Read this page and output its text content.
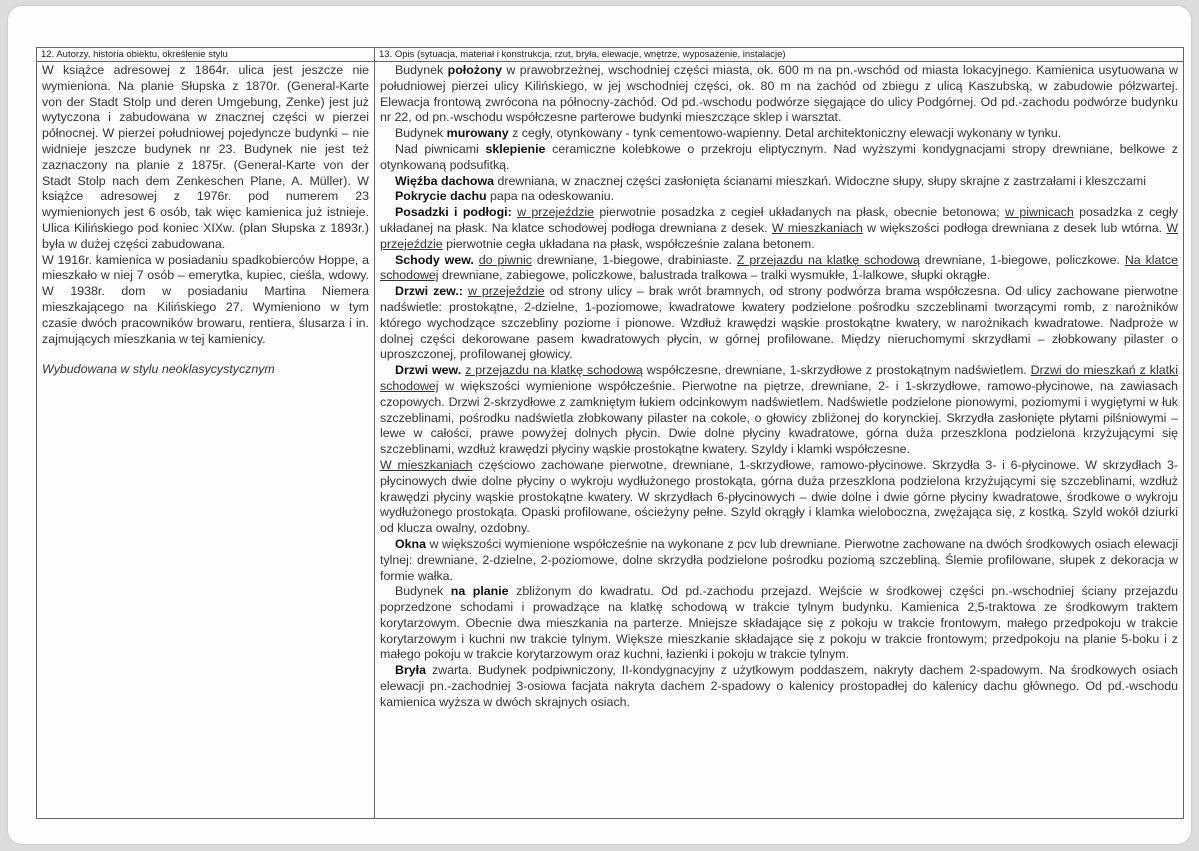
12. Autorzy, historia obiektu, określenie stylu

W książce adresowej z 1864r. ulica jest jeszcze nie wymieniona. Na planie Słupska z 1870r. (General-Karte von der Stadt Stolp und deren Umgebung, Zenke) jest już wytyczona i zabudowana w znacznej części w pierzei północnej. W pierzei południowej pojedyncze budynki – nie widnieje jeszcze budynek nr 23. Budynek nie jest też zaznaczony na planie z 1875r. (General-Karte von der Stadt Stolp nach dem Zenkeschen Plane, A. Müller). W książce adresowej z 1976r. pod numerem 23 wymienionych jest 6 osób, tak więc kamienica już istnieje. Ulica Kilińskiego pod koniec XIXw. (plan Słupska z 1893r.) była w dużej części zabudowana.

W 1916r. kamienica w posiadaniu spadkobierców Hoppe, a mieszkało w niej 7 osób – emerytka, kupiec, cieśla, wdowy. W 1938r. dom w posiadaniu Martina Niemera mieszkającego na Kilińskiego 27. Wymieniono w tym czasie dwóch pracowników browaru, rentiera, ślusarza i in. zajmujących mieszkania w tej kamienicy.

Wybudowana w stylu neoklasycystycznym

13. Opis (sytuacja, materiał i konstrukcja, rzut, bryła, elewacje, wnętrze, wyposażenie, instalacje)

Budynek położony w prawobrzeżnej, wschodniej części miasta, ok. 600 m na pn.-wschód od miasta lokacyjnego. Kamienica usytuowana w południowej pierzei ulicy Kilińskiego, w jej wschodniej części, ok. 80 m na zachód od zbiegu z ulicą Kaszubską, w zabudowie półzwartej. Elewacja frontową zwrócona na północny-zachód. Od pd.-wschodu podwórze sięgające do ulicy Podgórnej. Od pd.-zachodu podwórze budynku nr 22, od pn.-wschodu współczesne parterowe budynki mieszczące sklep i warsztat.

Budynek murowany z cegły, otynkowany - tynk cementowo-wapienny. Detal architektoniczny elewacji wykonany w tynku.

Nad piwnicami sklepienie ceramiczne kolebkowe o przekroju eliptycznym. Nad wyższymi kondygnacjami stropy drewniane, belkowe z otynkowaną podsufitką.

Więźba dachowa drewniana, w znacznej części zasłonięta ścianami mieszkań. Widoczne słupy, słupy skrajne z zastrzałami i kleszczami

Pokrycie dachu papa na odeskowaniu.

Posadzki i podłogi: w przejeździe pierwotnie posadzka z cegieł układanych na płask, obecnie betonowa; w piwnicach posadzka z cegły układanej na płask. Na klatce schodowej podłoga drewniana z desek. W mieszkaniach w większości podłoga drewniana z desek lub wtórna. W przejeździe pierwotnie cegła układana na płask, współcześnie zalana betonem.

Schody wew. do piwnic drewniane, 1-biegowe, drabiniaste. Z przejazdu na klatkę schodową drewniane, 1-biegowe, policzkowe. Na klatce schodowej drewniane, zabiegowe, policzkowe, balustrada tralkowa – tralki wysmukłe, 1-lalkowe, słupki okrągłe.

Drzwi zew.: w przejeździe od strony ulicy – brak wrót bramnych, od strony podwórza brama współczesna. Od ulicy zachowane pierwotne nadświetle: prostokątne, 2-dzielne, 1-poziomowe, kwadratowe kwatery podzielone pośrodku szczeblinami tworzącymi romb, z narożników którego wychodzące szczebliny poziome i pionowe. Wzdłuż krawędzi wąskie prostokątne kwatery, w narożnikach kwadratowe. Nadproże w dolnej części dekorowane pasem kwadratowych płycin, w górnej profilowane. Między nieruchomymi skrzydłami – złobkowany pilaster o uproszczonej, profilowanej głowicy.

Drzwi wew. z przejazdu na klatkę schodową współczesne, drewniane, 1-skrzydłowe z prostokątnym nadświetlem. Drzwi do mieszkań z klatki schodowej w większości wymienione współcześnie. Pierwotne na piętrze, drewniane, 2- i 1-skrzydłowe, ramowo-płycinowe, na zawiasach czopowych. Drzwi 2-skrzydłowe z zamkniętym łukiem odcinkowym nadświetlem. Nadświetle podzielone pionowymi, poziomymi i wygiętymi w łuk szczeblinami, pośrodku nadświetla złobkowany pilaster na cokole, o głowicy zbliżonej do korynckiej. Skrzydła zasłonięte płytami pilśniowymi – lewe w całości, prawe powyżej dolnych płycin. Dwie dolne płyciny kwadratowe, górna duża przeszklona podzielona krzyżującymi się szczeblinami, wzdłuż krawędzi płyciny wąskie prostokątne kwatery. Szyldy i klamki współczesne.

W mieszkaniach częściowo zachowane pierwotne, drewniane, 1-skrzydłowe, ramowo-płycinowe. Skrzydła 3- i 6-płycinowe. W skrzydłach 3-płycinowych dwie dolne płyciny o wykroju wydłużonego prostokąta, górna duża przeszklona podzielona krzyżującymi się szczeblinami, wzdłuż krawędzi płyciny wąskie prostokątne kwatery. W skrzydłach 6-płycinowych – dwie dolne i dwie górne płyciny kwadratowe, środkowe o wykroju wydłużonego prostokąta. Opaski profilowane, ościeżyny pełne. Szyld okrągły i klamka wieloboczna, zwężająca się, z kostką. Szyld wokół dziurki od klucza owalny, ozdobny.

Okna w większości wymienione współcześnie na wykonane z pcv lub drewniane. Pierwotne zachowane na dwóch środkowych osiach elewacji tylnej: drewniane, 2-dzielne, 2-poziomowe, dolne skrzydła podzielone pośrodku poziomą szczebliną. Ślemie profilowane, słupek z dekoracja w formie wałka.

Budynek na planie zbliżonym do kwadratu. Od pd.-zachodu przejazd. Wejście w środkowej części pn.-wschodniej ściany przejazdu poprzedzone schodami i prowadzące na klatkę schodową w trakcie tylnym budynku. Kamienica 2,5-traktowa ze środkowym traktem korytarzowym. Obecnie dwa mieszkania na parterze. Mniejsze składające się z pokoju w trakcie frontowym, małego przedpokoju w trakcie korytarzowym i kuchni nw trakcie tylnym. Większe mieszkanie składające się z pokoju w trakcie frontowym; przedpokoju na planie 5-boku i z małego pokoju w trakcie korytarzowym oraz kuchni, łazienki i pokoju w trakcie tylnym.

Bryła zwarta. Budynek podpiwniczony, II-kondygnacyjny z użytkowym poddaszem, nakryty dachem 2-spadowym. Na środkowych osiach elewacji pn.-zachodniej 3-osiowa facjata nakryta dachem 2-spadowy o kalenicy prostopadłej do kalenicy dachu głównego. Od pd.-wschodu kamienica wyższa w dwóch skrajnych osiach.
